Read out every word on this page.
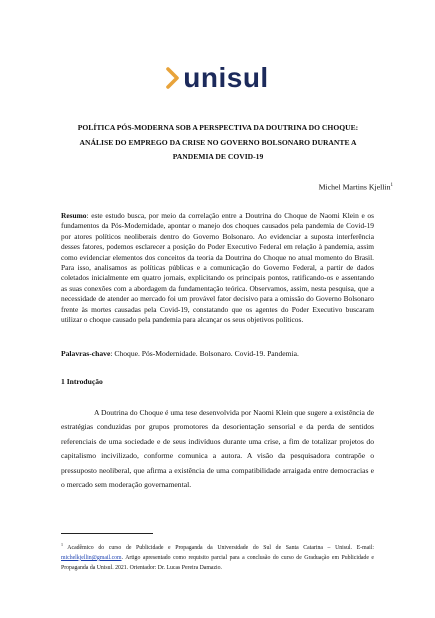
unisul
POLÍTICA PÓS-MODERNA SOB A PERSPECTIVA DA DOUTRINA DO CHOQUE:
ANÁLISE DO EMPREGO DA CRISE NO GOVERNO BOLSONARO DURANTE A
PANDEMIA DE COVID-19
Michel Martins Kjellin$^1$
Resumo: este estudo busca, por meio da correlação entre a Doutrina do Choque de Naomi Klein e os fundamentos da Pós-Modernidade, apontar o manejo dos choques causados pela pandemia de Covid-19 por atores políticos neoliberais dentro do Governo Bolsonaro. Ao evidenciar a suposta interferência desses fatores, podemos esclarecer a posição do Poder Executivo Federal em relação à pandemia, assim como evidenciar elementos dos conceitos da teoria da Doutrina do Choque no atual momento do Brasil. Para isso, analisamos as políticas públicas e a comunicação do Governo Federal, a partir de dados coletados inicialmente em quatro jornais, explicitando os principais pontos, ratificando-os e assentando as suas conexões com a abordagem da fundamentação teórica. Observamos, assim, nesta pesquisa, que a necessidade de atender ao mercado foi um provável fator decisivo para a omissão do Governo Bolsonaro frente às mortes causadas pela Covid-19, constatando que os agentes do Poder Executivo buscaram utilizar o choque causado pela pandemia para alcançar os seus objetivos políticos.
Palavras-chave: Choque. Pós-Modernidade. Bolsonaro. Covid-19. Pandemia.
1 Introdução

A Doutrina do Choque é uma tese desenvolvida por Naomi Klein que sugere a existência de estratégias conduzidas por grupos promotores da desorientação sensorial e da perda de sentidos referenciais de uma sociedade e de seus indivíduos durante uma crise, a fim de totalizar projetos do capitalismo incivilizado, conforme comunica a autora. A visão da pesquisadora contrapõe o pressuposto neoliberal, que afirma a existência de uma compatibilidade arraigada entre democracias e o mercado sem moderação governamental.

$^1$ Acadêmico do curso de Publicidade e Propaganda da Universidade do Sul de Santa Catarina – Unisul. E-mail: michelkjellin@gmail.com. Artigo apresentado como requisito parcial para a conclusão do curso de Graduação em Publicidade e Propaganda da Unisul. 2021. Orientador: Dr. Lucas Pereira Damazio.
